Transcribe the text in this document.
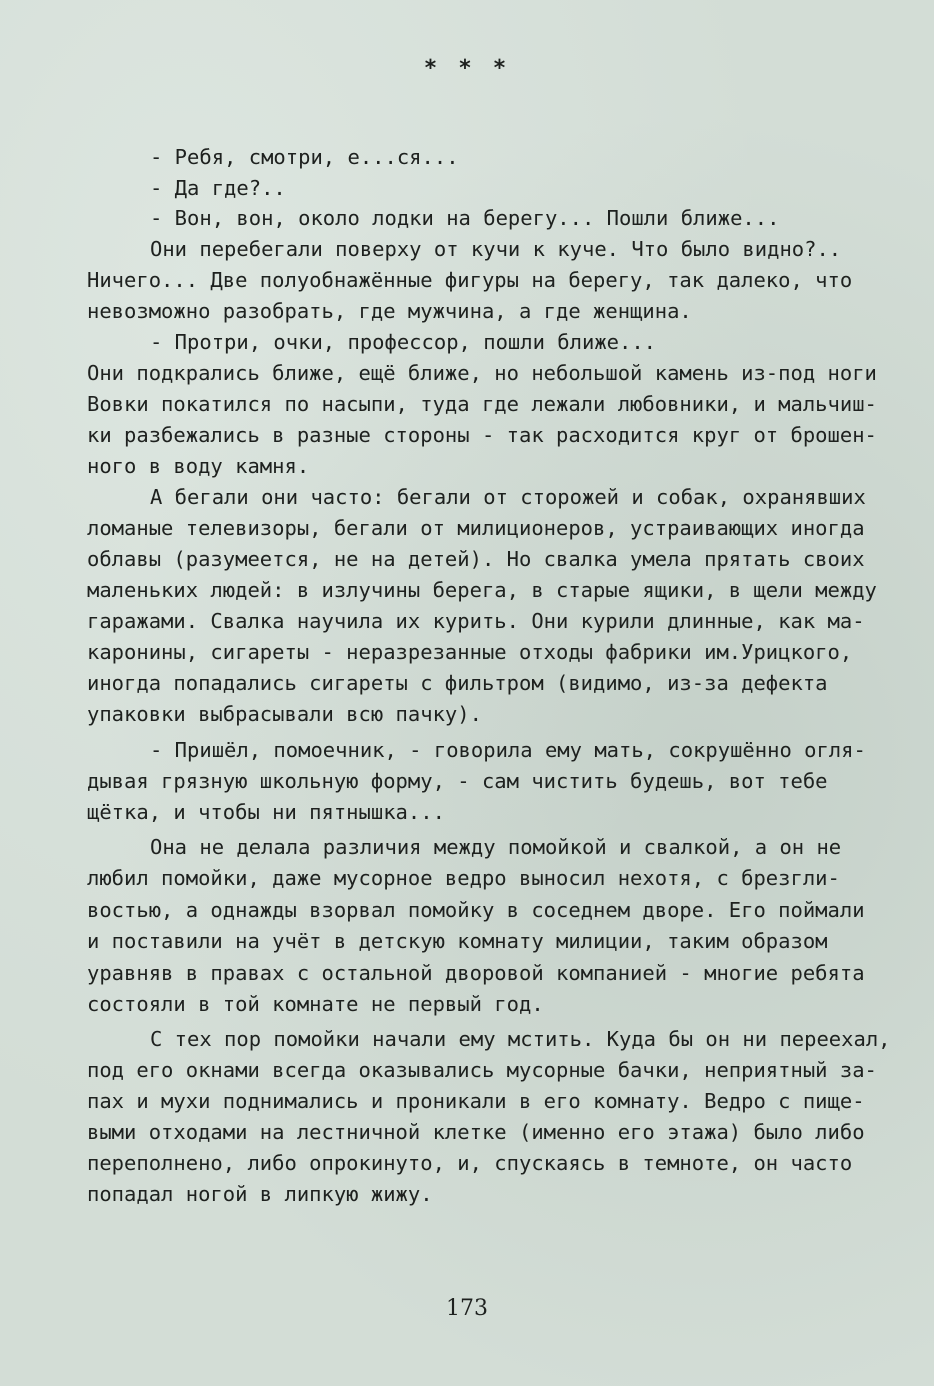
* * *

- Ребя, смотри, е...ся...

- Да где?..

- Вон, вон, около лодки на берегу... Пошли ближе...

Они перебегали поверху от кучи к куче. Что было видно?..

Ничего... Две полуобнажённые фигуры на берегу, так далеко, что

невозможно разобрать, где мужчина, а где женщина.

- Протри, очки, профессор, пошли ближе...

Они подкрались ближе, ещё ближе, но небольшой камень из-под ноги

Вовки покатился по насыпи, туда где лежали любовники, и мальчиш-

ки разбежались в разные стороны - так расходится круг от брошен-

ного в воду камня.

А бегали они часто: бегали от сторожей и собак, охранявших

ломаные телевизоры, бегали от милиционеров, устраивающих иногда

облавы (разумеется, не на детей). Но свалка умела прятать своих

маленьких людей: в излучины берега, в старые ящики, в щели между

гаражами. Свалка научила их курить. Они курили длинные, как ма-

каронины, сигареты - неразрезанные отходы фабрики им.Урицкого,

иногда попадались сигареты с фильтром (видимо, из-за дефекта

упаковки выбрасывали всю пачку).

- Пришёл, помоечник, - говорила ему мать, сокрушённо огля-

дывая грязную школьную форму, - сам чистить будешь, вот тебе

щётка, и чтобы ни пятнышка...

Она не делала различия между помойкой и свалкой, а он не

любил помойки, даже мусорное ведро выносил нехотя, с брезгли-

востью, а однажды взорвал помойку в соседнем дворе. Его поймали

и поставили на учёт в детскую комнату милиции, таким образом

уравняв в правах с остальной дворовой компанией - многие ребята

состояли в той комнате не первый год.

С тех пор помойки начали ему мстить. Куда бы он ни переехал,

под его окнами всегда оказывались мусорные бачки, неприятный за-

пах и мухи поднимались и проникали в его комнату. Ведро с пище-

выми отходами на лестничной клетке (именно его этажа) было либо

переполнено, либо опрокинуто, и, спускаясь в темноте, он часто

попадал ногой в липкую жижу.

173
